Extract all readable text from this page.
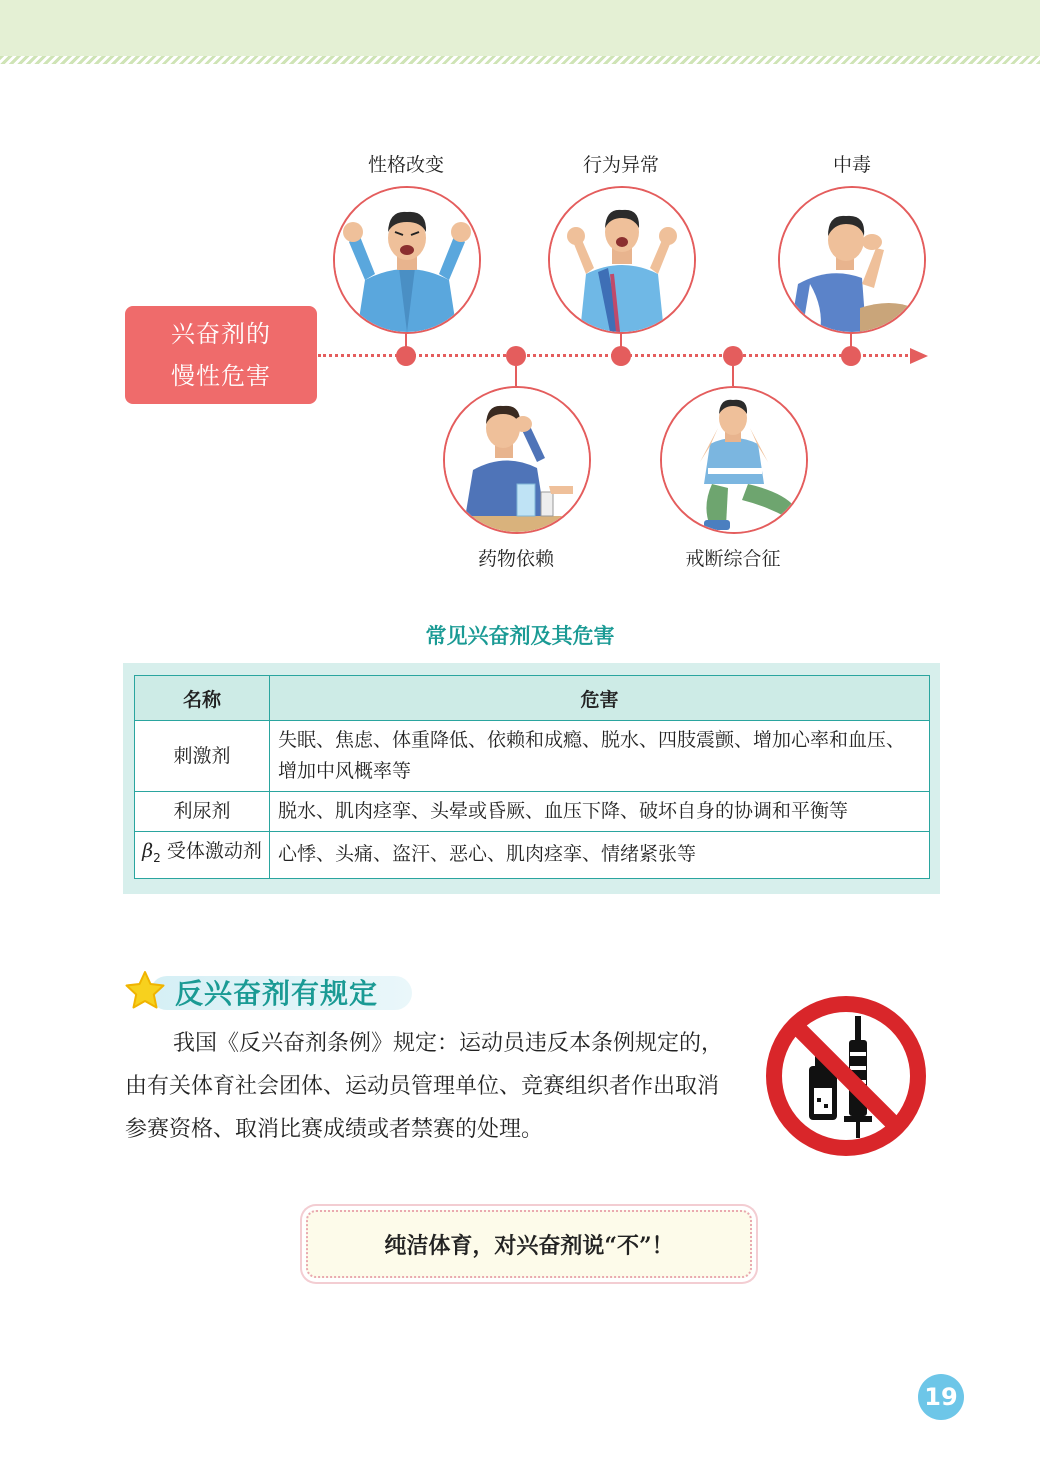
兴奋剂的
慢性危害
性格改变	行为异常	中毒
药物依赖	戒断综合征
常见兴奋剂及其危害
名称	危害
刺激剂	失眠、焦虑、体重降低、依赖和成瘾、脱水、四肢震颤、增加心率和血压、增加中风概率等
利尿剂	脱水、肌肉痉挛、头晕或昏厥、血压下降、破坏自身的协调和平衡等
$\beta_2$ 受体激动剂	心悸、头痛、盗汗、恶心、肌肉痉挛、情绪紧张等
反兴奋剂有规定
我国《反兴奋剂条例》规定：运动员违反本条例规定的，由有关体育社会团体、运动员管理单位、竞赛组织者作出取消参赛资格、取消比赛成绩或者禁赛的处理。
纯洁体育，对兴奋剂说“不”！
19
